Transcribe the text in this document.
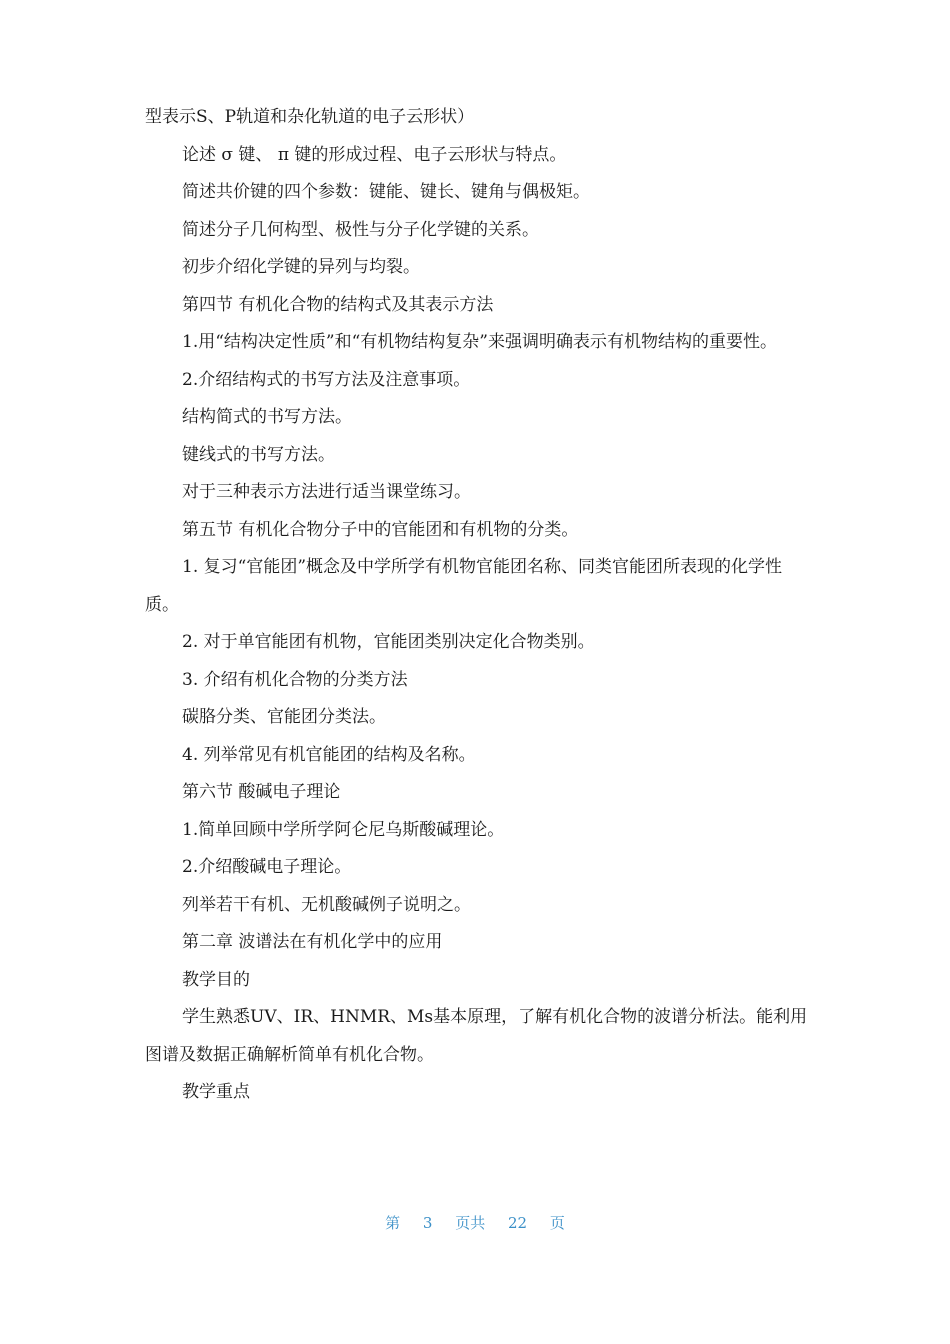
型表示S、P轨道和杂化轨道的电子云形状）

论述 σ 键、 π 键的形成过程、电子云形状与特点。

简述共价键的四个参数：键能、键长、键角与偶极矩。

简述分子几何构型、极性与分子化学键的关系。

初步介绍化学键的异列与均裂。

第四节 有机化合物的结构式及其表示方法

1.用“结构决定性质”和“有机物结构复杂”来强调明确表示有机物结构的重要性。

2.介绍结构式的书写方法及注意事项。

结构简式的书写方法。

键线式的书写方法。

对于三种表示方法进行适当课堂练习。

第五节 有机化合物分子中的官能团和有机物的分类。

1. 复习“官能团”概念及中学所学有机物官能团名称、同类官能团所表现的化学性质。

2. 对于单官能团有机物，官能团类别决定化合物类别。

3. 介绍有机化合物的分类方法

碳胳分类、官能团分类法。

4. 列举常见有机官能团的结构及名称。

第六节 酸碱电子理论

1.简单回顾中学所学阿仑尼乌斯酸碱理论。

2.介绍酸碱电子理论。

列举若干有机、无机酸碱例子说明之。

第二章 波谱法在有机化学中的应用

教学目的

学生熟悉UV、IR、HNMR、Ms基本原理，了解有机化合物的波谱分析法。能利用图谱及数据正确解析简单有机化合物。

教学重点

第 3 页共 22 页
